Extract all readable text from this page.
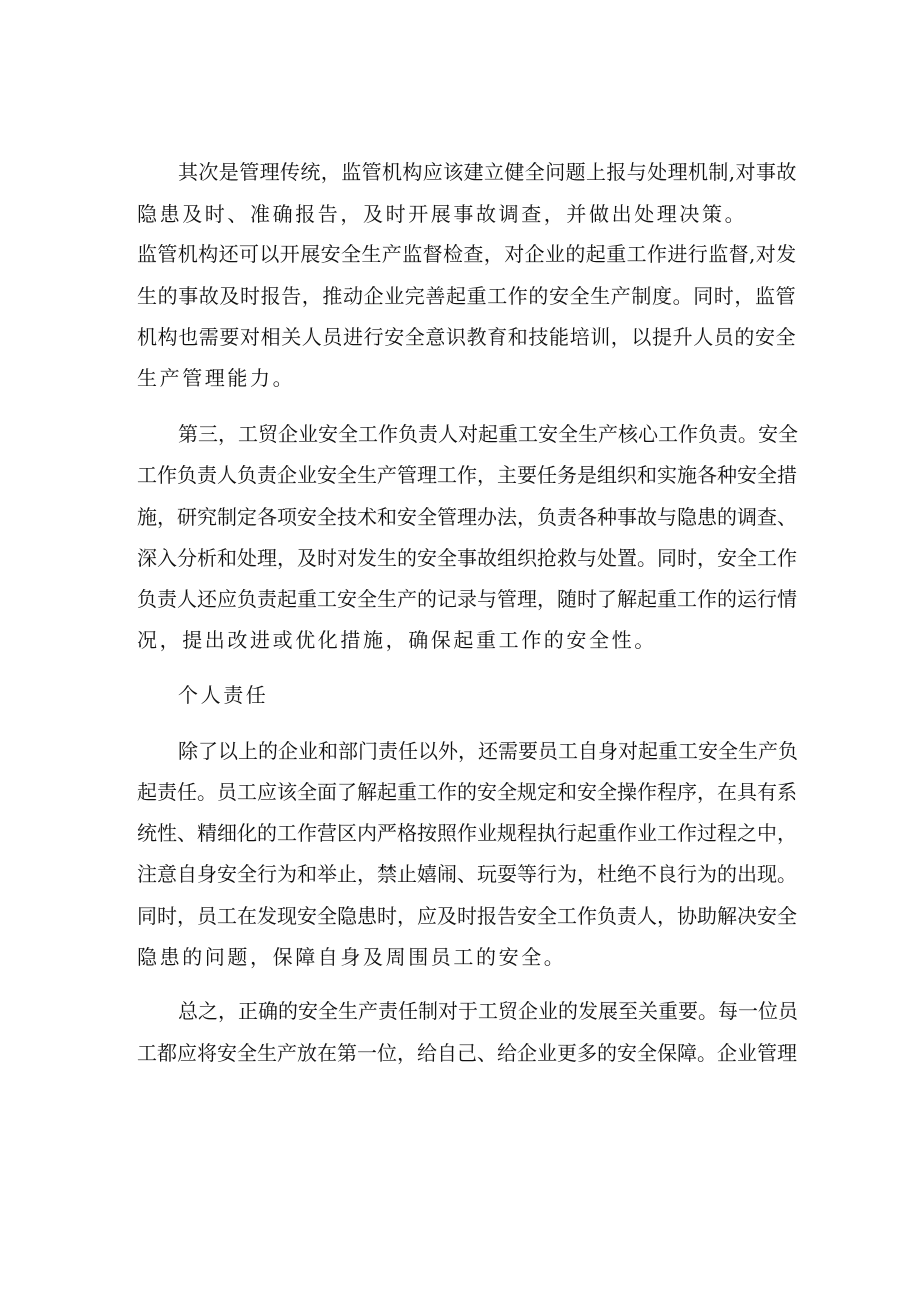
其次是管理传统，监管机构应该建立健全问题上报与处理机制,对事故
隐患及时、准确报告，及时开展事故调查，并做出处理决策。
监管机构还可以开展安全生产监督检查，对企业的起重工作进行监督,对发
生的事故及时报告，推动企业完善起重工作的安全生产制度。同时，监管
机构也需要对相关人员进行安全意识教育和技能培训，以提升人员的安全
生产管理能力。
第三，工贸企业安全工作负责人对起重工安全生产核心工作负责。安全
工作负责人负责企业安全生产管理工作，主要任务是组织和实施各种安全措
施，研究制定各项安全技术和安全管理办法，负责各种事故与隐患的调查、
深入分析和处理，及时对发生的安全事故组织抢救与处置。同时，安全工作
负责人还应负责起重工安全生产的记录与管理，随时了解起重工作的运行情
况，提出改进或优化措施，确保起重工作的安全性。
个人责任
除了以上的企业和部门责任以外，还需要员工自身对起重工安全生产负
起责任。员工应该全面了解起重工作的安全规定和安全操作程序，在具有系
统性、精细化的工作营区内严格按照作业规程执行起重作业工作过程之中，
注意自身安全行为和举止，禁止嬉闹、玩耍等行为，杜绝不良行为的出现。
同时，员工在发现安全隐患时，应及时报告安全工作负责人，协助解决安全
隐患的问题，保障自身及周围员工的安全。
总之，正确的安全生产责任制对于工贸企业的发展至关重要。每一位员
工都应将安全生产放在第一位，给自己、给企业更多的安全保障。企业管理
